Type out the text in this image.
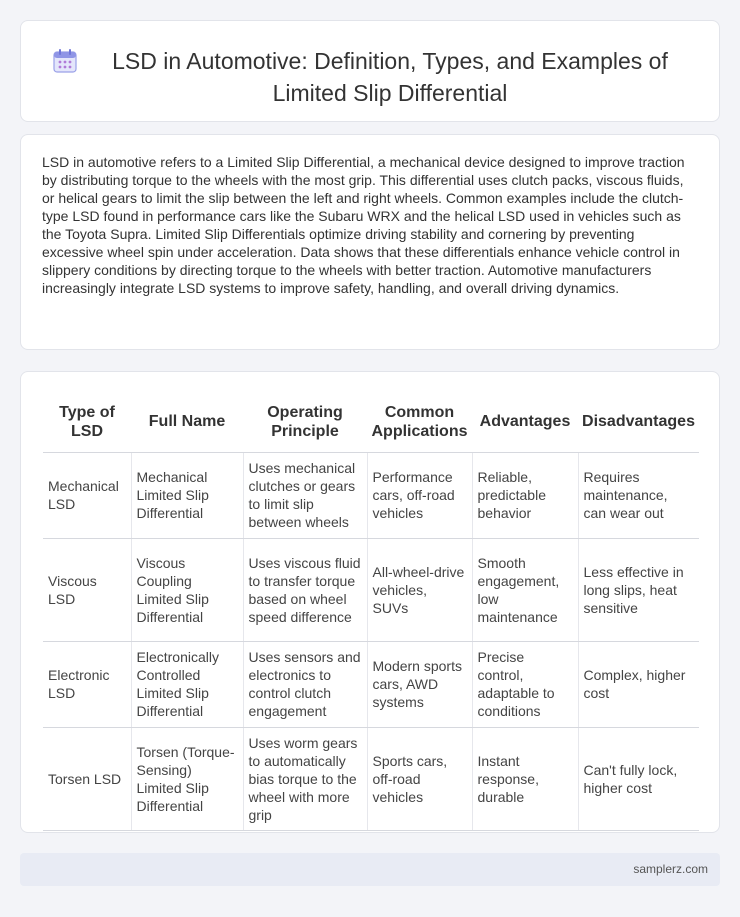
LSD in Automotive: Definition, Types, and Examples of Limited Slip Differential

LSD in automotive refers to a Limited Slip Differential, a mechanical device designed to improve traction by distributing torque to the wheels with the most grip. This differential uses clutch packs, viscous fluids, or helical gears to limit the slip between the left and right wheels. Common examples include the clutch-type LSD found in performance cars like the Subaru WRX and the helical LSD used in vehicles such as the Toyota Supra. Limited Slip Differentials optimize driving stability and cornering by preventing excessive wheel spin under acceleration. Data shows that these differentials enhance vehicle control in slippery conditions by directing torque to the wheels with better traction. Automotive manufacturers increasingly integrate LSD systems to improve safety, handling, and overall driving dynamics.

Type of LSD	Full Name	Operating Principle	Common Applications	Advantages	Disadvantages
Mechanical LSD	Mechanical Limited Slip Differential	Uses mechanical clutches or gears to limit slip between wheels	Performance cars, off-road vehicles	Reliable, predictable behavior	Requires maintenance, can wear out
Viscous LSD	Viscous Coupling Limited Slip Differential	Uses viscous fluid to transfer torque based on wheel speed difference	All-wheel-drive vehicles, SUVs	Smooth engagement, low maintenance	Less effective in long slips, heat sensitive
Electronic LSD	Electronically Controlled Limited Slip Differential	Uses sensors and electronics to control clutch engagement	Modern sports cars, AWD systems	Precise control, adaptable to conditions	Complex, higher cost
Torsen LSD	Torsen (Torque-Sensing) Limited Slip Differential	Uses worm gears to automatically bias torque to the wheel with more grip	Sports cars, off-road vehicles	Instant response, durable	Can't fully lock, higher cost
samplerz.com
